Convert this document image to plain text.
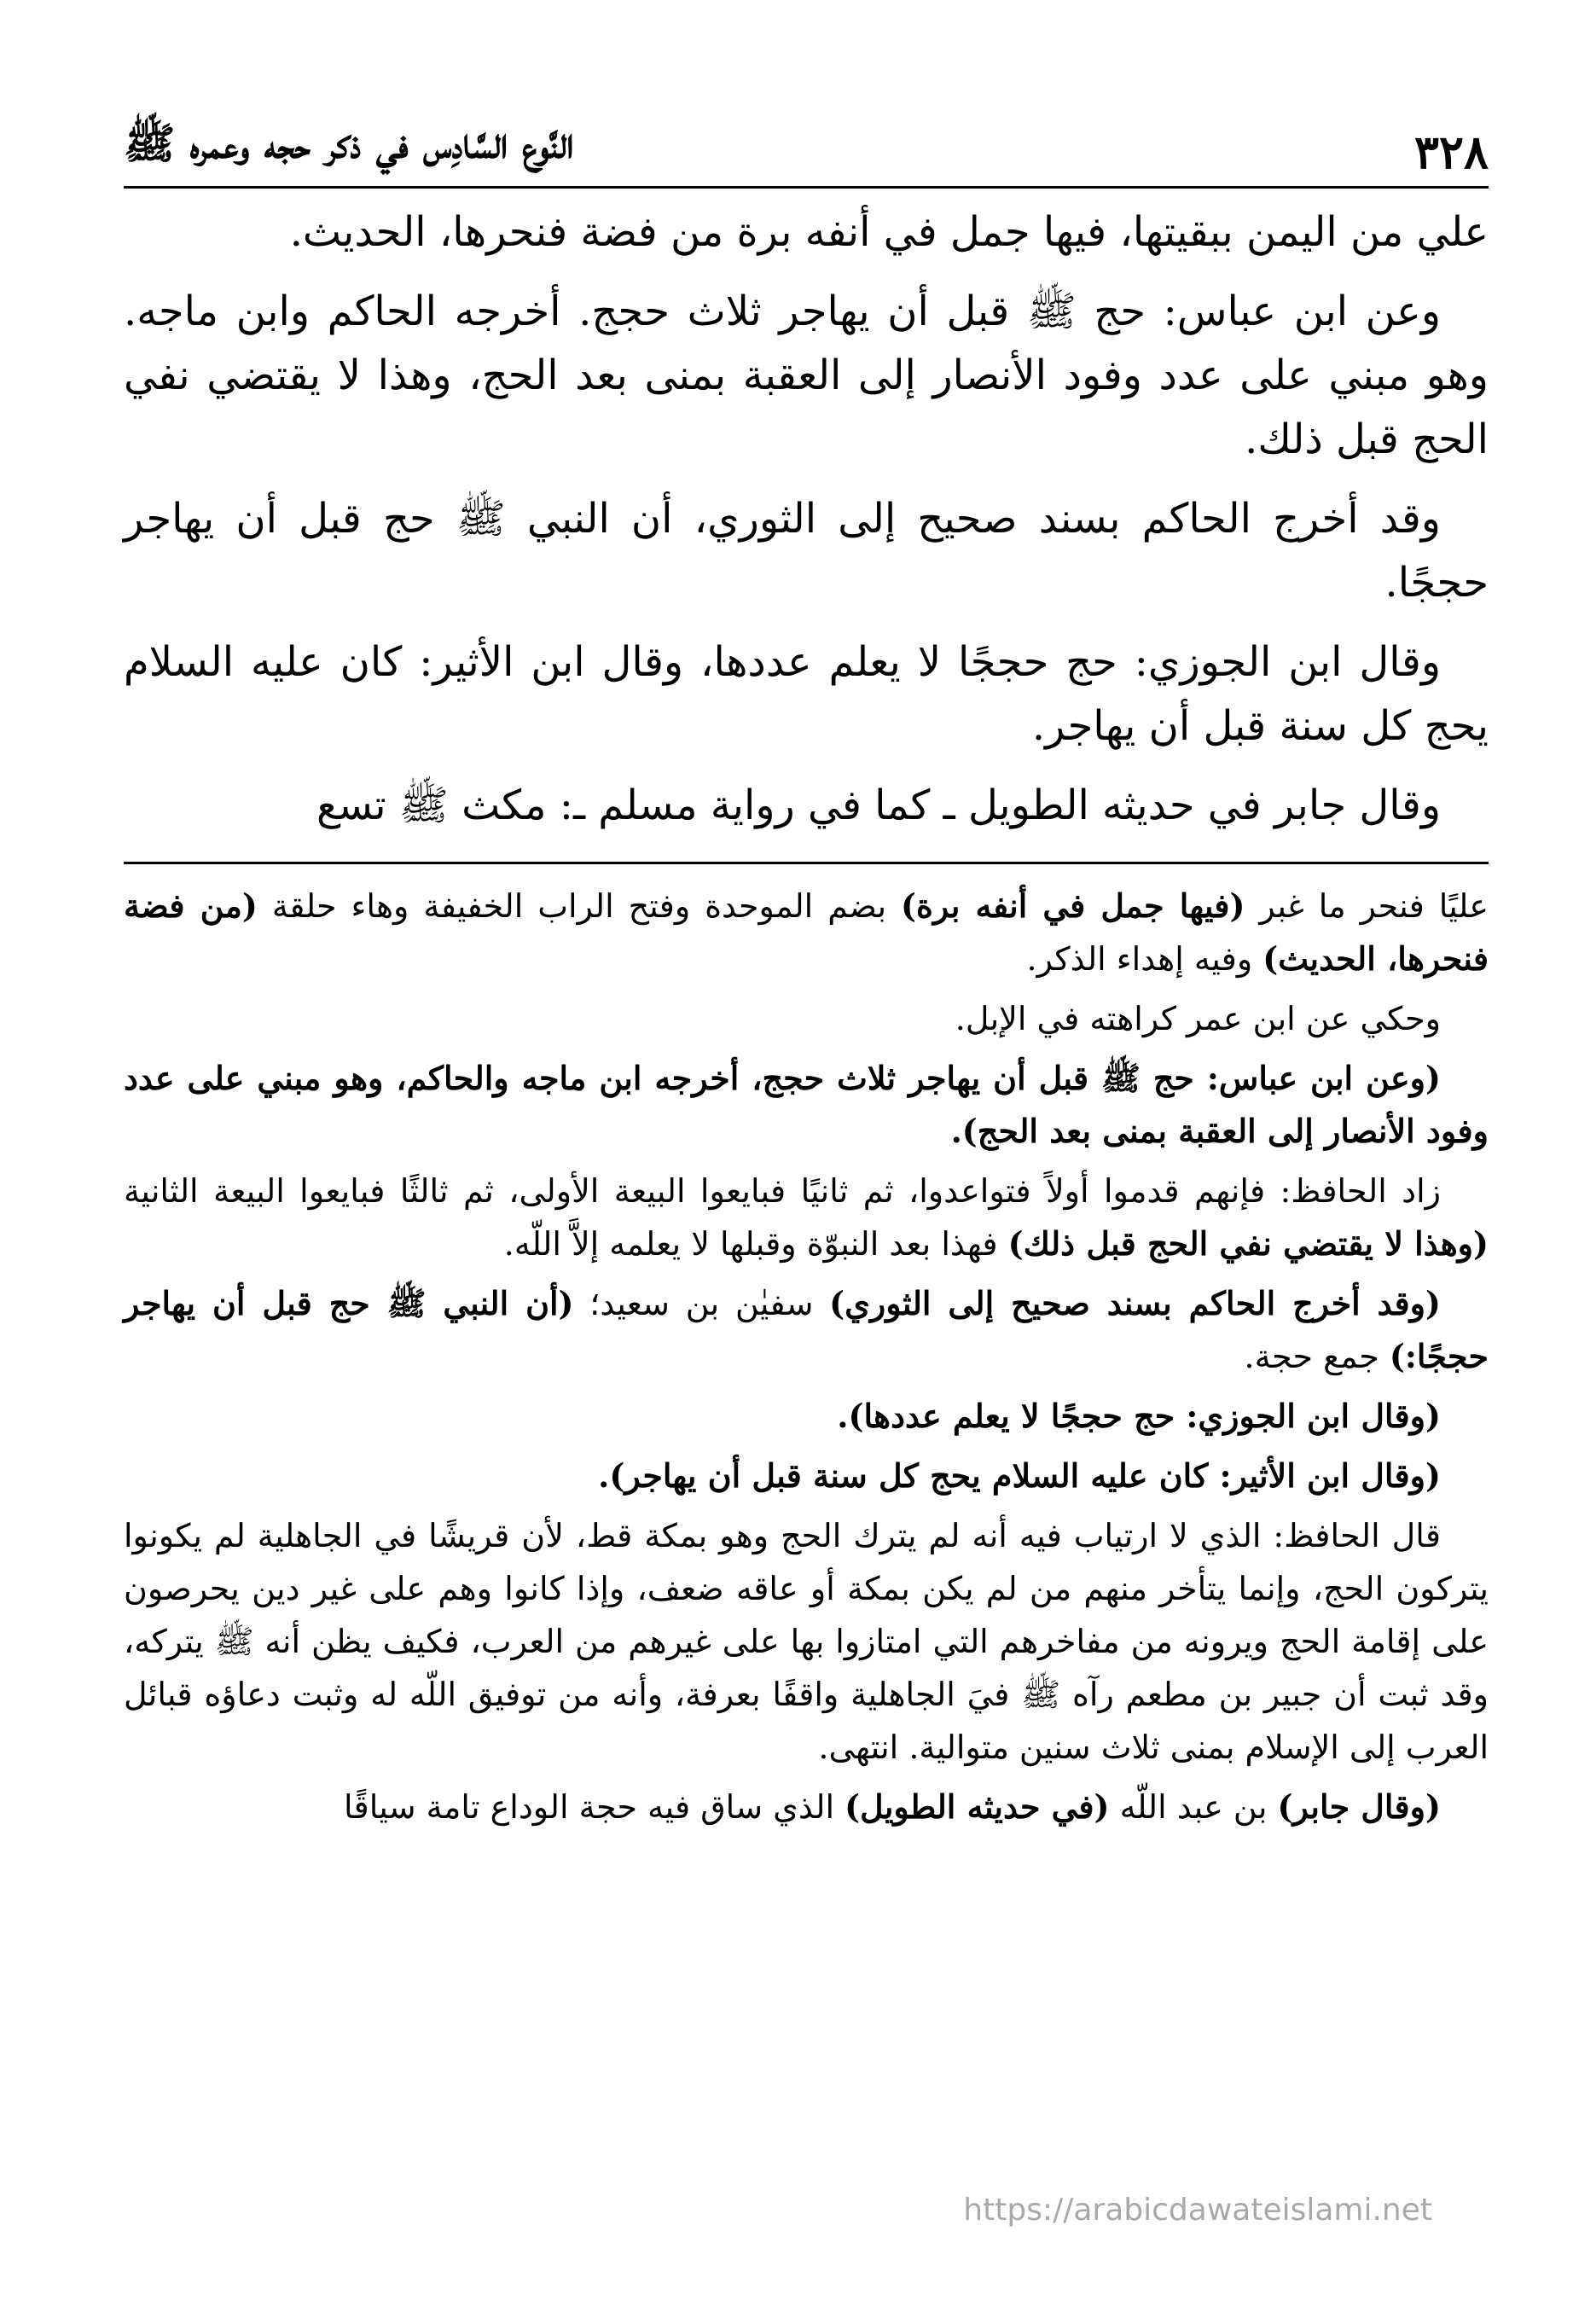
٣٢٨
النَّوع السَّادِس في ذكر حجه وعمره ﷺ

علي من اليمن ببقيتها، فيها جمل في أنفه برة من فضة فنحرها، الحديث.

وعن ابن عباس: حج ﷺ قبل أن يهاجر ثلاث حجج. أخرجه الحاكم وابن ماجه. وهو مبني على عدد وفود الأنصار إلى العقبة بمنى بعد الحج، وهذا لا يقتضي نفي الحج قبل ذلك.

وقد أخرج الحاكم بسند صحيح إلى الثوري، أن النبي ﷺ حج قبل أن يهاجر حججًا.

وقال ابن الجوزي: حج حججًا لا يعلم عددها، وقال ابن الأثير: كان عليه السلام يحج كل سنة قبل أن يهاجر.

وقال جابر في حديثه الطويل ـ كما في رواية مسلم ـ: مكث ﷺ تسع

عليًا فنحر ما غبر (فيها جمل في أنفه برة) بضم الموحدة وفتح الراب الخفيفة وهاء حلقة (من فضة فنحرها، الحديث) وفيه إهداء الذكر.

وحكي عن ابن عمر كراهته في الإبل.

(وعن ابن عباس: حج ﷺ قبل أن يهاجر ثلاث حجج، أخرجه ابن ماجه والحاكم، وهو مبني على عدد وفود الأنصار إلى العقبة بمنى بعد الحج).

زاد الحافظ: فإنهم قدموا أولاً فتواعدوا، ثم ثانيًا فبايعوا البيعة الأولى، ثم ثالثًا فبايعوا البيعة الثانية (وهذا لا يقتضي نفي الحج قبل ذلك) فهذا بعد النبوّة وقبلها لا يعلمه إلاَّ اللّه.

(وقد أخرج الحاكم بسند صحيح إلى الثوري) سفيٰن بن سعيد؛ (أن النبي ﷺ حج قبل أن يهاجر حججًا:) جمع حجة.

(وقال ابن الجوزي: حج حججًا لا يعلم عددها).

(وقال ابن الأثير: كان عليه السلام يحج كل سنة قبل أن يهاجر).

قال الحافظ: الذي لا ارتياب فيه أنه لم يترك الحج وهو بمكة قط، لأن قريشًا في الجاهلية لم يكونوا يتركون الحج، وإنما يتأخر منهم من لم يكن بمكة أو عاقه ضعف، وإذا كانوا وهم على غير دين يحرصون على إقامة الحج ويرونه من مفاخرهم التي امتازوا بها على غيرهم من العرب، فكيف يظن أنه ﷺ يتركه، وقد ثبت أن جبير بن مطعم رآه ﷺ فيَ الجاهلية واقفًا بعرفة، وأنه من توفيق اللّه له وثبت دعاؤه قبائل العرب إلى الإسلام بمنى ثلاث سنين متوالية. انتهى.

(وقال جابر) بن عبد اللّه (في حديثه الطويل) الذي ساق فيه حجة الوداع تامة سياقًا

https://arabicdawateislami.net
